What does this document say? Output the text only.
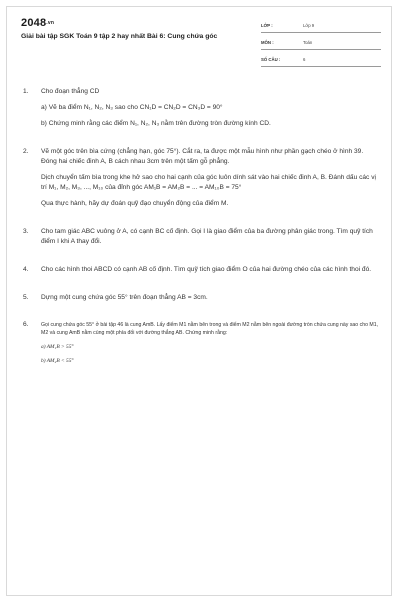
2048.vn
Giải bài tập SGK Toán 9 tập 2 hay nhất Bài 6: Cung chứa góc
LỚP :	Lớp 9
MÔN :	Toán
SỐ CÂU :	6
1. Cho đoạn thẳng CD

a) Vẽ ba điểm N₁, N₂, N₃ sao cho CN₁D = CN₂D = CN₃D = 90°

b) Chứng minh rằng các điểm N₁, N₂, N₃ nằm trên đường tròn đường kính CD.

2. Vẽ một góc trên bìa cứng (chẳng hạn, góc 75°). Cắt ra, ta được một mẫu hình như phần gạch chéo ở hình 39. Đóng hai chiếc đinh A, B cách nhau 3cm trên một tấm gỗ phẳng.

Dịch chuyển tấm bìa trong khe hở sao cho hai cạnh của góc luôn dính sát vào hai chiếc đinh A, B. Đánh dấu các vị trí M₁, M₂, M₃, ..., M₁₀ của đỉnh góc AM₁B = AM₂B = ... = AM₁₀B = 75°

Qua thực hành, hãy dự đoán quỹ đạo chuyển động của điểm M.

3. Cho tam giác ABC vuông ở A, có cạnh BC cố định. Gọi I là giao điểm của ba đường phân giác trong. Tìm quỹ tích điểm I khi A thay đổi.

4. Cho các hình thoi ABCD có cạnh AB cố định. Tìm quỹ tích giao điểm O của hai đường chéo của các hình thoi đó.

5. Dựng một cung chứa góc 55° trên đoạn thẳng AB = 3cm.

6. Gọi cung chứa góc 55° ở bài tập 46 là cung AmB. Lấy điểm M1 nằm bên trong và điểm M2 nằm bên ngoài đường tròn chứa cung này sao cho M1, M2 và cung AmB nằm cùng một phía đối với đường thẳng AB. Chứng minh rằng:

a) AM₁B > 55°

b) AM₂B < 55°
